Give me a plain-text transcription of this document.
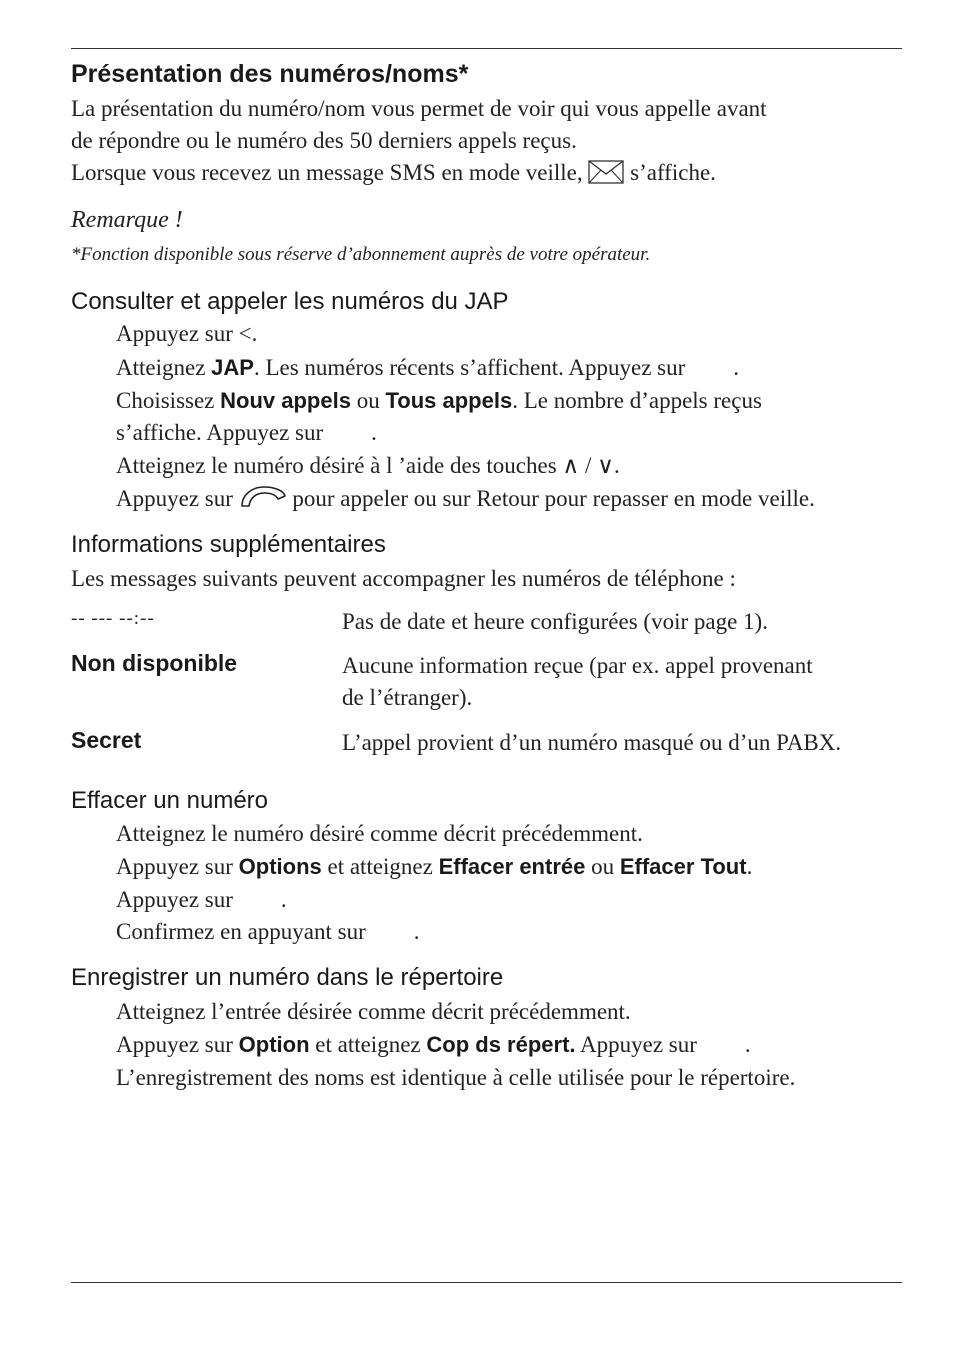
Présentation des numéros/noms*

La présentation du numéro/nom vous permet de voir qui vous appelle avant

de répondre ou le numéro des 50 derniers appels reçus.

Lorsque vous recevez un message SMS en mode veille, s’affiche.

Remarque !

*Fonction disponible sous réserve d’abonnement auprès de votre opérateur.

Consulter et appeler les numéros du JAP

Appuyez sur <.

Atteignez JAP. Les numéros récents s’affichent. Appuyez sur .

Choisissez Nouv appels ou Tous appels. Le nombre d’appels reçus

s’affiche. Appuyez sur .

Atteignez le numéro désiré à l ’aide des touches ∧ / ∨.

Appuyez sur	pour appeler ou sur Retour pour repasser en mode veille.

Informations supplémentaires

Les messages suivants peuvent accompagner les numéros de téléphone :

-- --- --:--	Pas de date et heure configurées (voir page 1).
Non disponible	Aucune information reçue (par ex. appel provenant
de l’étranger).
Secret	L’appel provient d’un numéro masqué ou d’un PABX.
Effacer un numéro

Atteignez le numéro désiré comme décrit précédemment.

Appuyez sur Options et atteignez Effacer entrée ou Effacer Tout.

Appuyez sur .

Confirmez en appuyant sur .

Enregistrer un numéro dans le répertoire

Atteignez l’entrée désirée comme décrit précédemment.

Appuyez sur Option et atteignez Cop ds répert. Appuyez sur .

L’enregistrement des noms est identique à celle utilisée pour le répertoire.
